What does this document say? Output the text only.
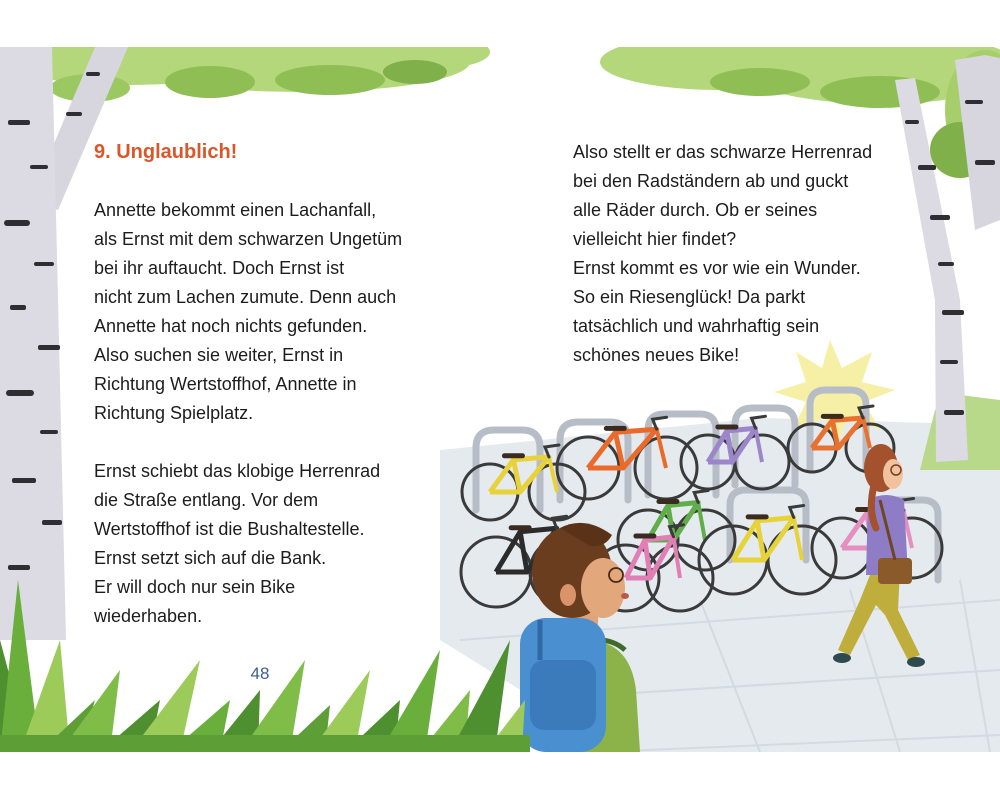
9. Unglaublich!
Annette bekommt einen Lachanfall,
als Ernst mit dem schwarzen Ungetüm
bei ihr auftaucht. Doch Ernst ist
nicht zum Lachen zumute. Denn auch
Annette hat noch nichts gefunden.
Also suchen sie weiter, Ernst in
Richtung Wertstoffhof, Annette in
Richtung Spielplatz.
Ernst schiebt das klobige Herrenrad
die Straße entlang. Vor dem
Wertstoffhof ist die Bushaltestelle.
Ernst setzt sich auf die Bank.
Er will doch nur sein Bike
wiederhaben.
48
Also stellt er das schwarze Herrenrad
bei den Radständern ab und guckt
alle Räder durch. Ob er seines
vielleicht hier findet?
Ernst kommt es vor wie ein Wunder.
So ein Riesenglück! Da parkt
tatsächlich und wahrhaftig sein
schönes neues Bike!
